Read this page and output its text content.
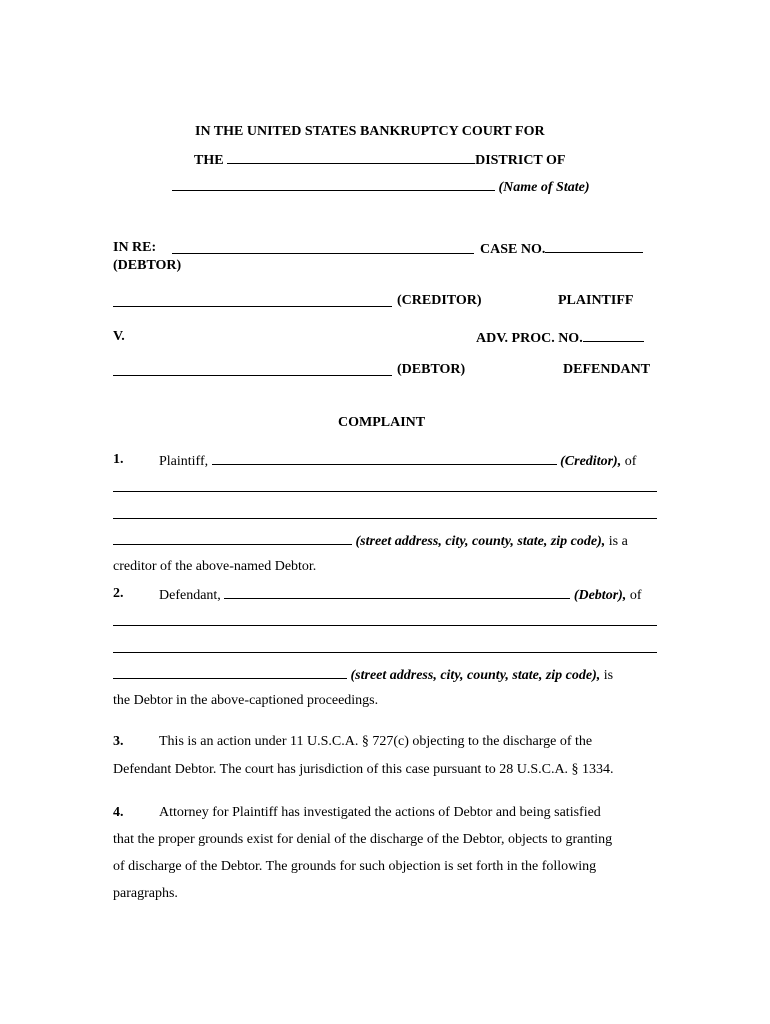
IN THE UNITED STATES BANKRUPTCY COURT FOR
THE	DISTRICT OF
(Name of State)
IN RE:	CASE NO.
(DEBTOR)
(CREDITOR)	PLAINTIFF
V.	ADV. PROC. NO.
(DEBTOR)	DEFENDANT
COMPLAINT
1.	Plaintiff,	(Creditor), of
(street address, city, county, state, zip code), is a
creditor of the above-named Debtor.
2.	Defendant,	(Debtor), of
(street address, city, county, state, zip code), is
the Debtor in the above-captioned proceedings.
3.	This is an action under 11 U.S.C.A. § 727(c) objecting to the discharge of the
Defendant Debtor. The court has jurisdiction of this case pursuant to 28 U.S.C.A. § 1334.
4.	Attorney for Plaintiff has investigated the actions of Debtor and being satisfied
that the proper grounds exist for denial of the discharge of the Debtor, objects to granting
of discharge of the Debtor. The grounds for such objection is set forth in the following
paragraphs.
